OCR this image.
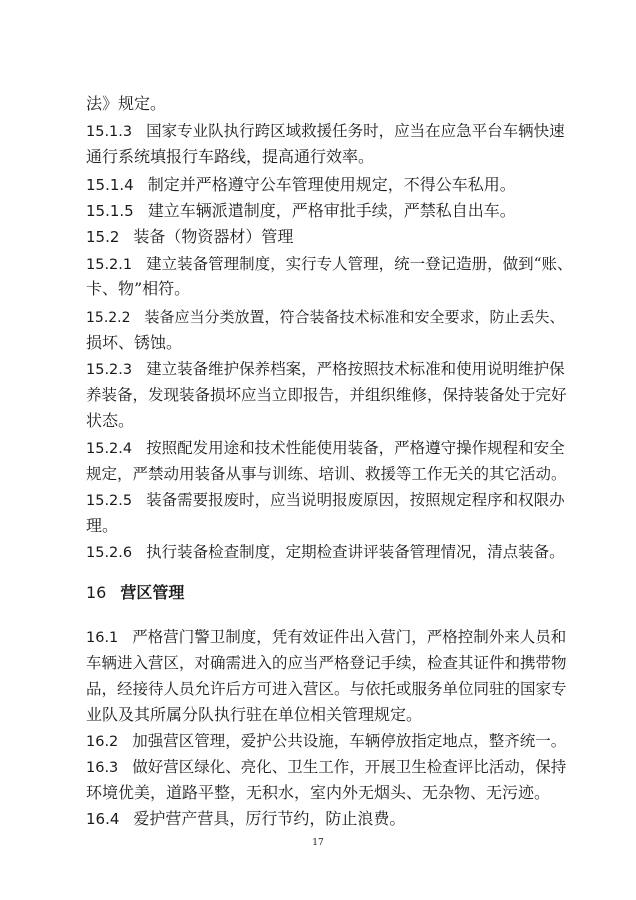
法》规定。
15.1.3 国家专业队执行跨区域救援任务时，应当在应急平台车辆快速
通行系统填报行车路线，提高通行效率。
15.1.4 制定并严格遵守公车管理使用规定，不得公车私用。
15.1.5 建立车辆派遣制度，严格审批手续，严禁私自出车。
15.2 装备（物资器材）管理
15.2.1 建立装备管理制度，实行专人管理，统一登记造册，做到“账、
卡、物”相符。
15.2.2 装备应当分类放置，符合装备技术标准和安全要求，防止丢失、
损坏、锈蚀。
15.2.3 建立装备维护保养档案，严格按照技术标准和使用说明维护保
养装备，发现装备损坏应当立即报告，并组织维修，保持装备处于完好
状态。
15.2.4 按照配发用途和技术性能使用装备，严格遵守操作规程和安全
规定，严禁动用装备从事与训练、培训、救援等工作无关的其它活动。
15.2.5 装备需要报废时，应当说明报废原因，按照规定程序和权限办
理。
15.2.6 执行装备检查制度，定期检查讲评装备管理情况，清点装备。
16 营区管理
16.1 严格营门警卫制度，凭有效证件出入营门，严格控制外来人员和
车辆进入营区，对确需进入的应当严格登记手续，检查其证件和携带物
品，经接待人员允许后方可进入营区。与依托或服务单位同驻的国家专
业队及其所属分队执行驻在单位相关管理规定。
16.2 加强营区管理，爱护公共设施，车辆停放指定地点，整齐统一。
16.3 做好营区绿化、亮化、卫生工作，开展卫生检查评比活动，保持
环境优美，道路平整，无积水，室内外无烟头、无杂物、无污迹。
16.4 爱护营产营具，厉行节约，防止浪费。
17
